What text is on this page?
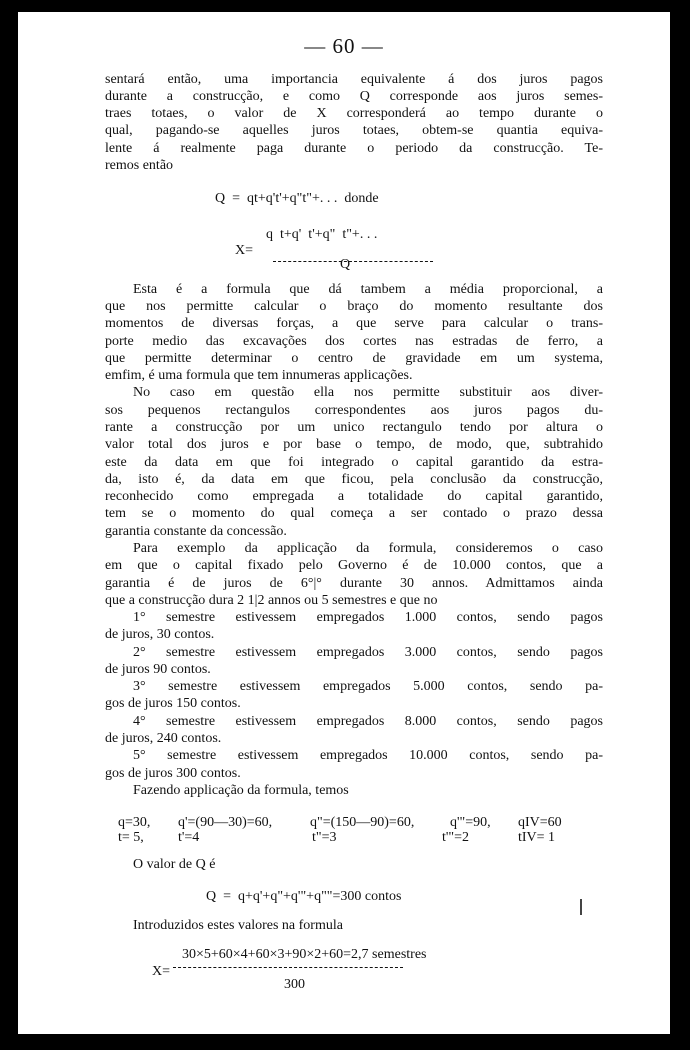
— 60 —
sentará então, uma importancia equivalente á dos juros pagos
durante a construcção, e como Q corresponde aos juros semes-
traes totaes, o valor de X corresponderá ao tempo durante o
qual, pagando-se aquelles juros totaes, obtem-se quantia equiva-
lente á realmente paga durante o periodo da construcção. Te-
remos então
Q  =  qt+q't'+q"t"+. . .  donde
q  t+q'  t'+q"  t"+. . .
X=
Q
Esta é a formula que dá tambem a média proporcional, a
que nos permitte calcular o braço do momento resultante dos
momentos de diversas forças, a que serve para calcular o trans-
porte medio das excavações dos cortes nas estradas de ferro, a
que permitte determinar o centro de gravidade em um systema,
emfim, é uma formula que tem innumeras applicações.
No caso em questão ella nos permitte substituir aos diver-
sos pequenos rectangulos correspondentes aos juros pagos du-
rante a construcção por um unico rectangulo tendo por altura o
valor total dos juros e por base o tempo, de modo, que, subtrahido
este da data em que foi integrado o capital garantido da estra-
da, isto é, da data em que ficou, pela conclusão da construcção,
reconhecido como empregada a totalidade do capital garantido,
tem se o momento do qual começa a ser contado o prazo dessa
garantia constante da concessão.
Para exemplo da applicação da formula, consideremos o caso
em que o capital fixado pelo Governo é de 10.000 contos, que a
garantia é de juros de 6°|° durante 30 annos. Admittamos ainda
que a construcção dura 2 1|2 annos ou 5 semestres e que no
1° semestre estivessem empregados 1.000 contos, sendo pagos
de juros, 30 contos.
2° semestre estivessem empregados 3.000 contos, sendo pagos
de juros 90 contos.
3° semestre estivessem empregados 5.000 contos, sendo pa-
gos de juros 150 contos.
4° semestre estivessem empregados 8.000 contos, sendo pagos
de juros, 240 contos.
5° semestre estivessem empregados 10.000 contos, sendo pa-
gos de juros 300 contos.
Fazendo applicação da formula, temos
q=30, q'=(90—30)=60,	q"=(150—90)=60,	q'"=90, qIV=60
t= 5, t'=4	t"=3	t'"=2	tIV= 1
O valor de Q é
Q  =  q+q'+q"+q'"+q""=300 contos
Introduzidos estes valores na formula
30×5+60×4+60×3+90×2+60=2,7 semestres
X=
300
